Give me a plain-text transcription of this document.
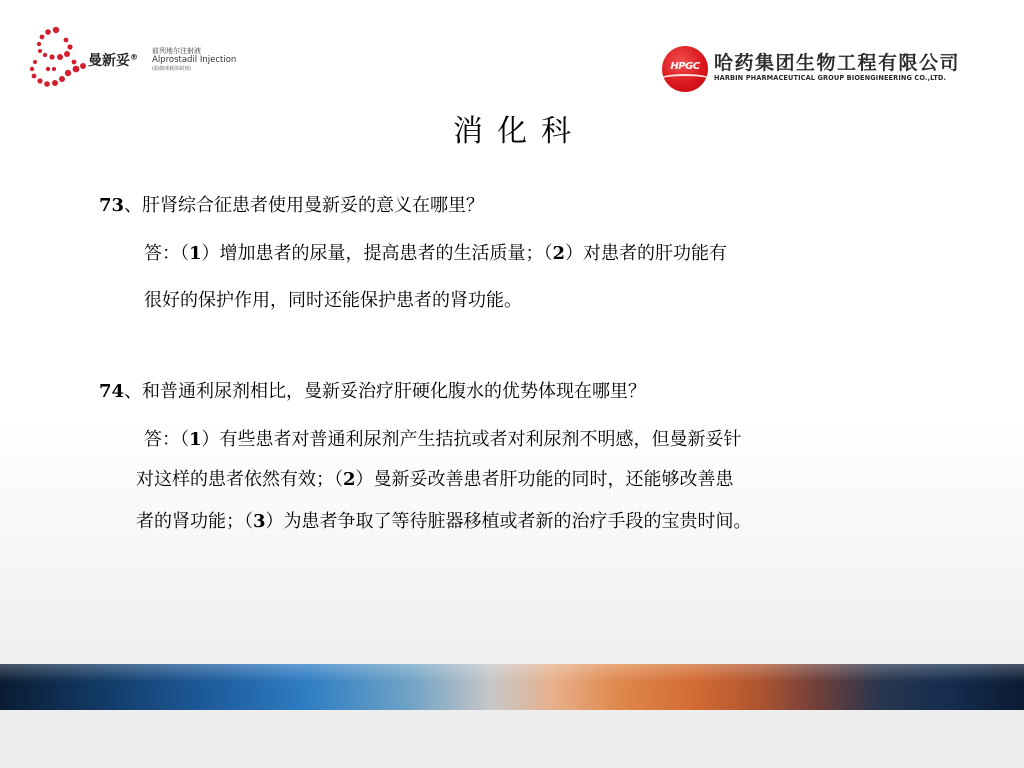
曼新妥®
前列地尔注射液
Alprostadil Injection
(脂微球载体制剂)	HPGC 哈药集团生物工程有限公司
HARBIN PHARMACEUTICAL GROUP BIOENGINEERING CO.,LTD.
消化科
73、肝肾综合征患者使用曼新妥的意义在哪里？
答：（1）增加患者的尿量，提高患者的生活质量；（2）对患者的肝功能有
很好的保护作用，同时还能保护患者的肾功能。
74、和普通利尿剂相比，曼新妥治疗肝硬化腹水的优势体现在哪里？
答：（1）有些患者对普通利尿剂产生拮抗或者对利尿剂不明感，但曼新妥针
对这样的患者依然有效；（2）曼新妥改善患者肝功能的同时，还能够改善患
者的肾功能；（3）为患者争取了等待脏器移植或者新的治疗手段的宝贵时间。
